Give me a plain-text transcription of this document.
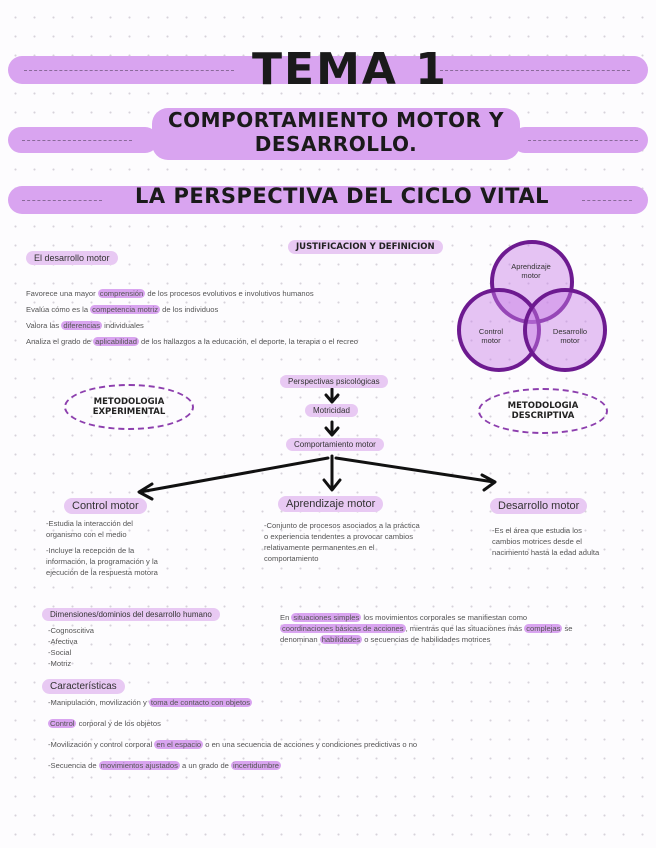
TEMA 1
COMPORTAMIENTO MOTOR Y
DESARROLLO.
LA PERSPECTIVA DEL CICLO VITAL
JUSTIFICACION Y DEFINICION
El desarrollo motor
Favorece una mayor comprensión de los procesos evolutivos e involutivos humanos
Evalúa cómo es la competencia motriz de los individuos
Valora las diferencias individuales
Analiza el grado de aplicabilidad de los hallazgos a la educación, el deporte, la terapia o el recreo
Aprendizaje motor
Control motor
Desarrollo motor
METODOLOGIA EXPERIMENTAL
METODOLOGIA DESCRIPTIVA
Perspectivas psicológicas
Motricidad
Comportamiento motor
Control motor	Aprendizaje motor	Desarrollo motor
-Estudia la interacción del organismo con el medio
-Incluye la recepción de la información, la programación y la ejecución de la respuesta motora
-Conjunto de procesos asociados a la práctica o experiencia tendentes a provocar cambios relativamente permanentes en el comportamiento
-Es el área que estudia los cambios motrices desde el nacimiento hasta la edad adulta
Dimensiones/dominios del desarrollo humano
-Cognoscitiva
-Afectiva
-Social
-Motriz
En situaciones simples los movimientos corporales se manifiestan como coordinaciones básicas de acciones , mientras que las situaciones más complejas se denominan habilidades o secuencias de habilidades motrices
Características
-Manipulación, movilización y toma de contacto con objetos
Control corporal y de los objetos
-Movilización y control corporal en el espacio o en una secuencia de acciones y condiciones predictivas o no
-Secuencia de movimientos ajustados a un grado de incertidumbre
